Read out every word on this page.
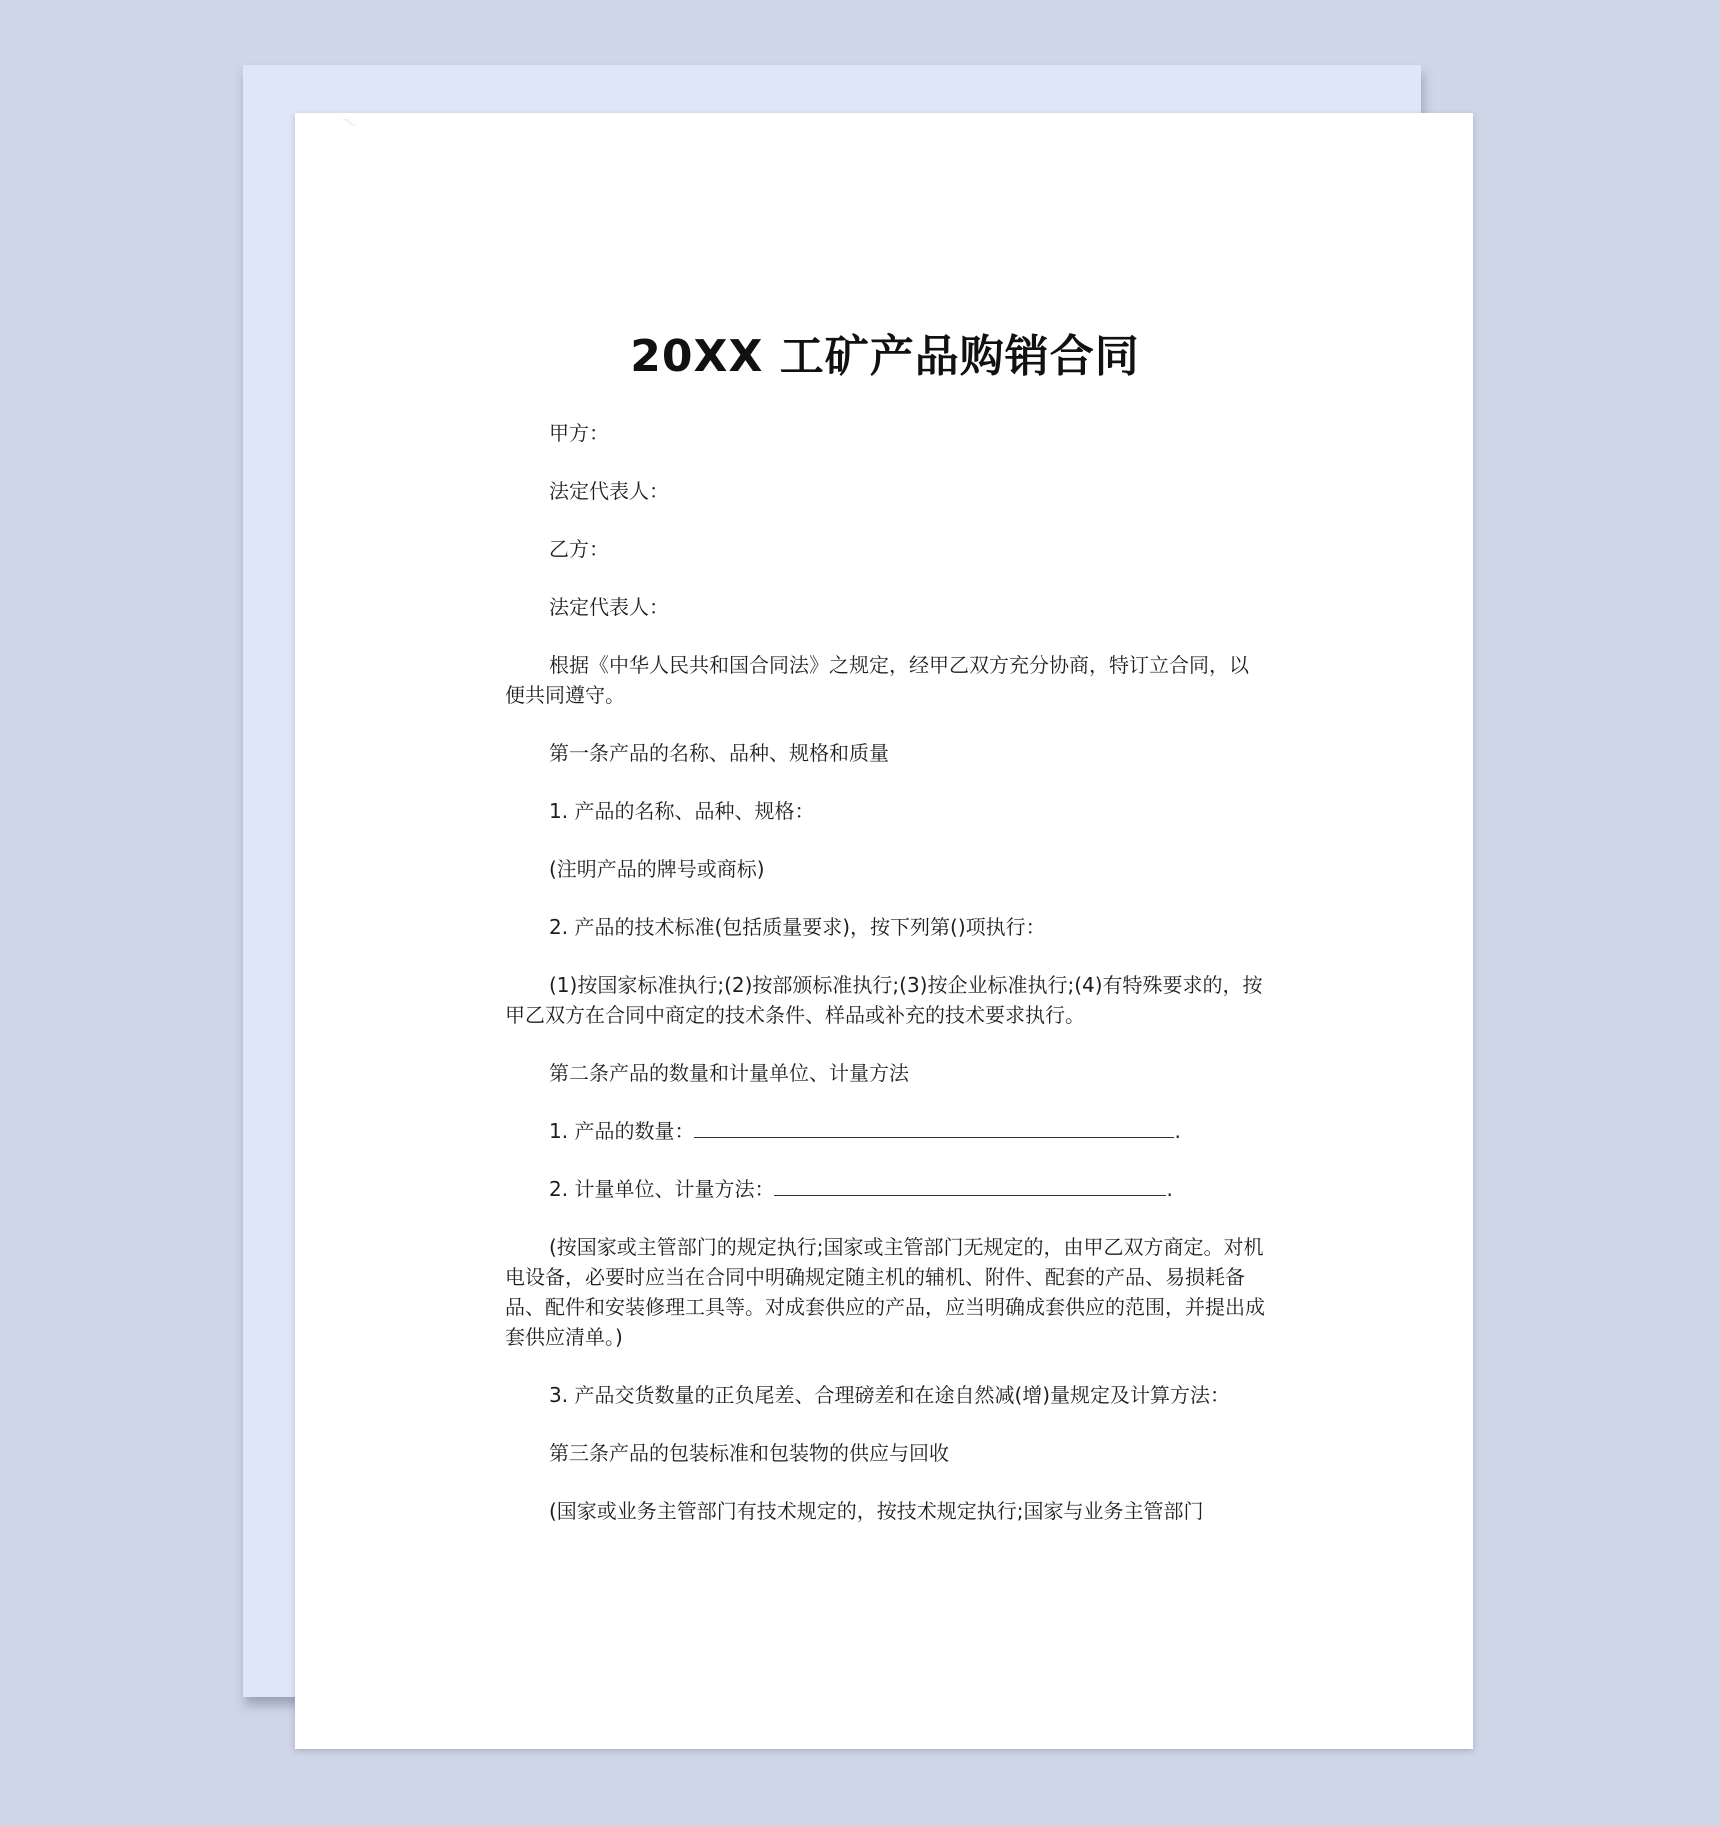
20XX 工矿产品购销合同

甲方：

法定代表人：

乙方：

法定代表人：

根据《中华人民共和国合同法》之规定，经甲乙双方充分协商，特订立合同，以便共同遵守。

第一条产品的名称、品种、规格和质量

1. 产品的名称、品种、规格：

(注明产品的牌号或商标)

2. 产品的技术标准(包括质量要求)，按下列第()项执行：

(1)按国家标准执行;(2)按部颁标准执行;(3)按企业标准执行;(4)有特殊要求的，按甲乙双方在合同中商定的技术条件、样品或补充的技术要求执行。

第二条产品的数量和计量单位、计量方法

1. 产品的数量：	.

2. 计量单位、计量方法：	.

(按国家或主管部门的规定执行;国家或主管部门无规定的，由甲乙双方商定。对机电设备，必要时应当在合同中明确规定随主机的辅机、附件、配套的产品、易损耗备品、配件和安装修理工具等。对成套供应的产品，应当明确成套供应的范围，并提出成套供应清单。)

3. 产品交货数量的正负尾差、合理磅差和在途自然减(增)量规定及计算方法：

第三条产品的包装标准和包装物的供应与回收

(国家或业务主管部门有技术规定的，按技术规定执行;国家与业务主管部门
